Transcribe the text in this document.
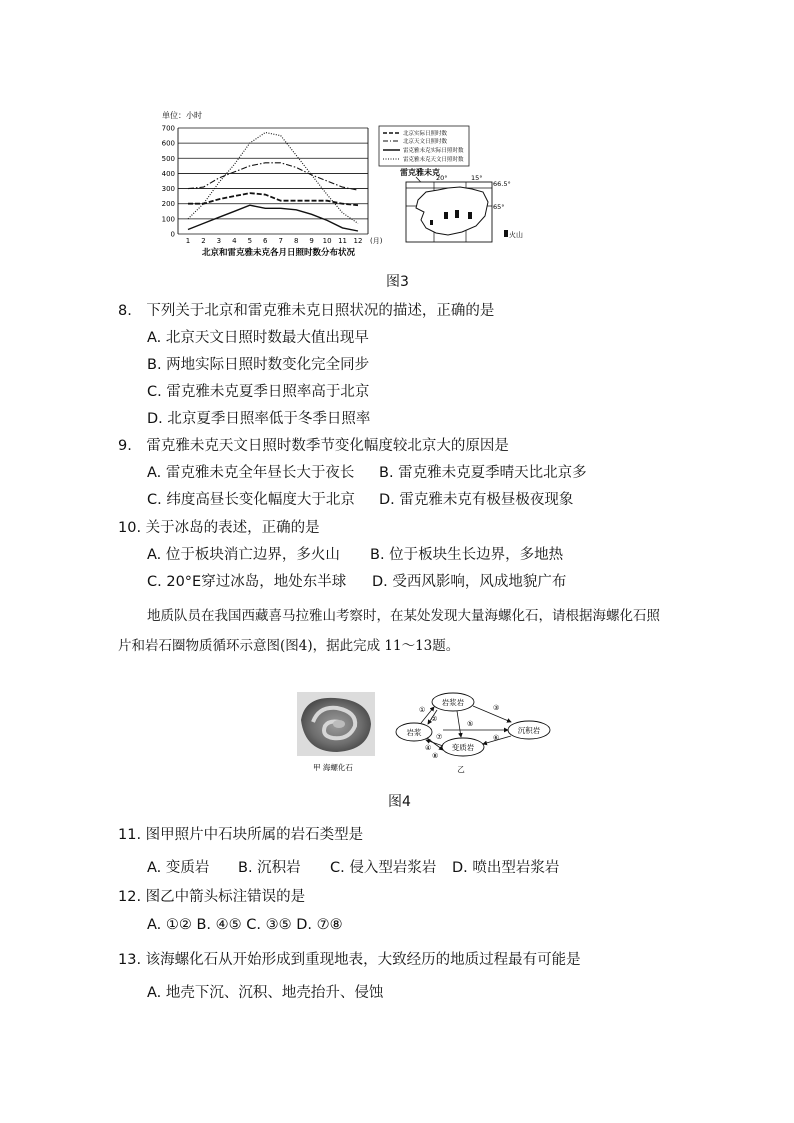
单位：小时
0
100
200
300
400
500
600
700
1 2 3 4 5 6 7 8 9 10 11 12 (月)
北京和雷克雅未克各月日照时数分布状况
北京实际日照时数
北京天文日照时数
雷克雅未克实际日照时数
雷克雅未克天文日照时数
雷克雅未克
20°	15°
66.5°
65°
火山
图3
8.　下列关于北京和雷克雅未克日照状况的描述，正确的是
A. 北京天文日照时数最大值出现早
B. 两地实际日照时数变化完全同步
C. 雷克雅未克夏季日照率高于北京
D. 北京夏季日照率低于冬季日照率
9.　雷克雅未克天文日照时数季节变化幅度较北京大的原因是
A. 雷克雅未克全年昼长大于夜长 B. 雷克雅未克夏季晴天比北京多
C. 纬度高昼长变化幅度大于北京 D. 雷克雅未克有极昼极夜现象
10. 关于冰岛的表述，正确的是
A. 位于板块消亡边界，多火山 B. 位于板块生长边界，多地热
C. 20°E穿过冰岛，地处东半球 D. 受西风影响，风成地貌广布
地质队员在我国西藏喜马拉雅山考察时，在某处发现大量海螺化石，请根据海螺化石照
片和岩石圈物质循环示意图(图4)，据此完成 11～13题。
甲 海螺化石
岩浆岩
岩浆	沉积岩
变质岩
①
②
③
④
⑤
⑥
⑦
⑧
乙
图4
11. 图甲照片中石块所属的岩石类型是
A. 变质岩 B. 沉积岩 C. 侵入型岩浆岩 D. 喷出型岩浆岩
12. 图乙中箭头标注错误的是
A. ①② B. ④⑤ C. ③⑤ D. ⑦⑧
13. 该海螺化石从开始形成到重现地表，大致经历的地质过程最有可能是
A. 地壳下沉、沉积、地壳抬升、侵蚀
